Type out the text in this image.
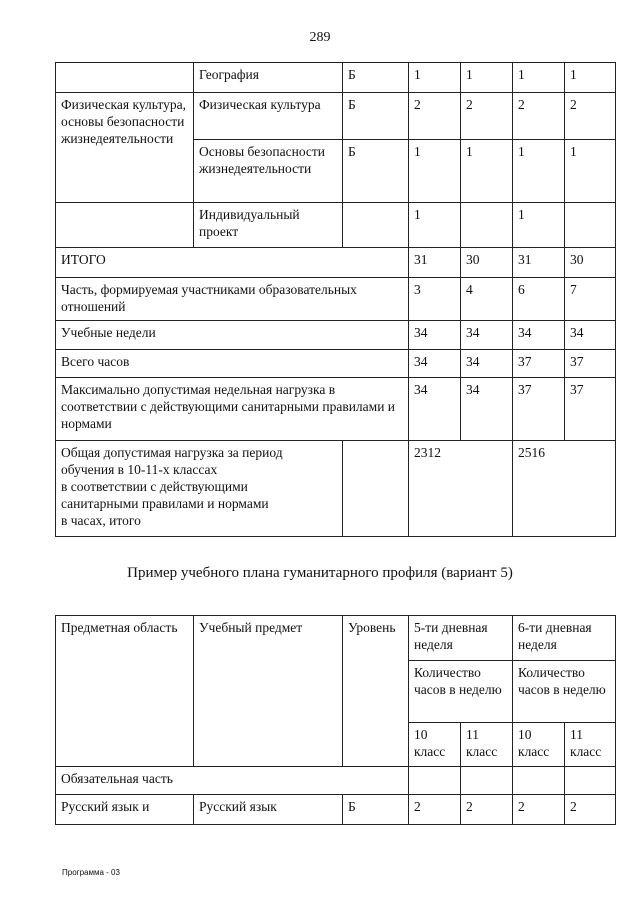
289
	География	Б	1	1	1	1
Физическая культура, основы безопасности жизнедеятельности	Физическая культура	Б	2	2	2	2
	Основы безопасности жизнедеятельности	Б	1	1	1	1
	Индивидуальный проект		1		1	
ИТОГО			31	30	31	30
Часть, формируемая участниками образовательных отношений			3	4	6	7
Учебные недели			34	34	34	34
Всего часов			34	34	37	37
Максимально допустимая недельная нагрузка в соответствии с действующими санитарными правилами и нормами			34	34	37	37

Общая допустимая нагрузка за период
обучения в 10-11-х классах
в соответствии с действующими
санитарными правилами и нормами
в часах, итого			2312		2516	
Пример учебного плана гуманитарного профиля (вариант 5)
Предметная область	Учебный предмет	Уровень	5-ти дневная неделя		6-ти дневная неделя	
			Количество часов в неделю		Количество часов в неделю	
			10 класс	11 класс	10 класс	11 класс
Обязательная часть						
Русский язык и	Русский язык	Б	2	2	2	2
Программа - 03
